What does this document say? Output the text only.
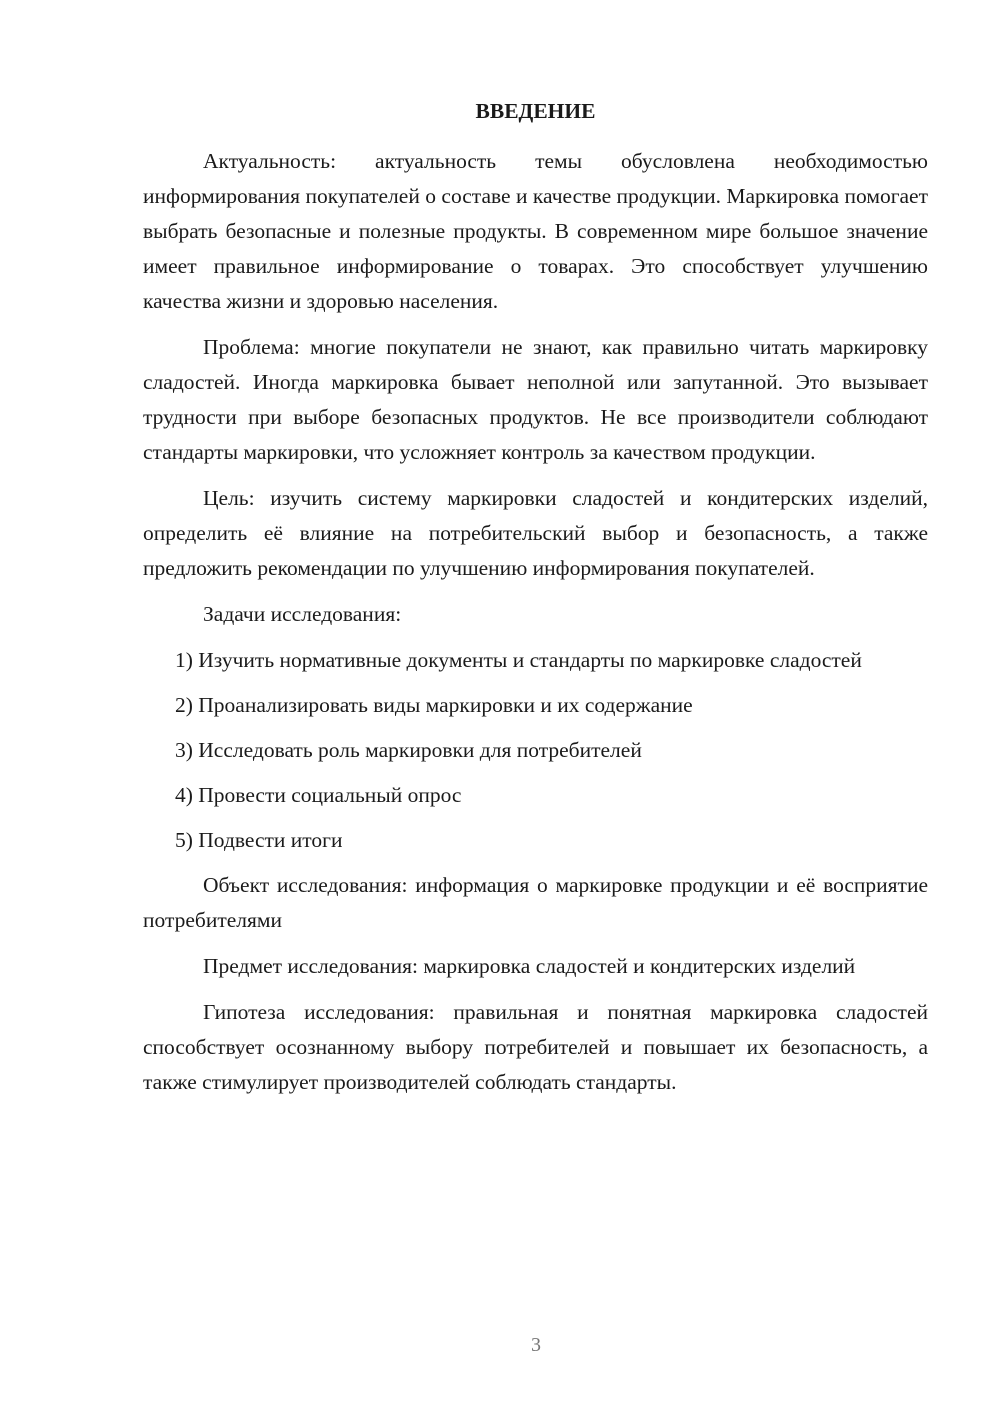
ВВЕДЕНИЕ

Актуальность: актуальность темы обусловлена необходимостью информирования покупателей о составе и качестве продукции. Маркировка помогает выбрать безопасные и полезные продукты. В современном мире большое значение имеет правильное информирование о товарах. Это способствует улучшению качества жизни и здоровью населения.

Проблема: многие покупатели не знают, как правильно читать маркировку сладостей. Иногда маркировка бывает неполной или запутанной. Это вызывает трудности при выборе безопасных продуктов. Не все производители соблюдают стандарты маркировки, что усложняет контроль за качеством продукции.

Цель: изучить систему маркировки сладостей и кондитерских изделий, определить её влияние на потребительский выбор и безопасность, а также предложить рекомендации по улучшению информирования покупателей.

Задачи исследования:

1) Изучить нормативные документы и стандарты по маркировке сладостей

2) Проанализировать виды маркировки и их содержание

3) Исследовать роль маркировки для потребителей

4) Провести социальный опрос

5) Подвести итоги

Объект исследования: информация о маркировке продукции и её восприятие потребителями

Предмет исследования: маркировка сладостей и кондитерских изделий

Гипотеза исследования: правильная и понятная маркировка сладостей способствует осознанному выбору потребителей и повышает их безопасность, а также стимулирует производителей соблюдать стандарты.

3
